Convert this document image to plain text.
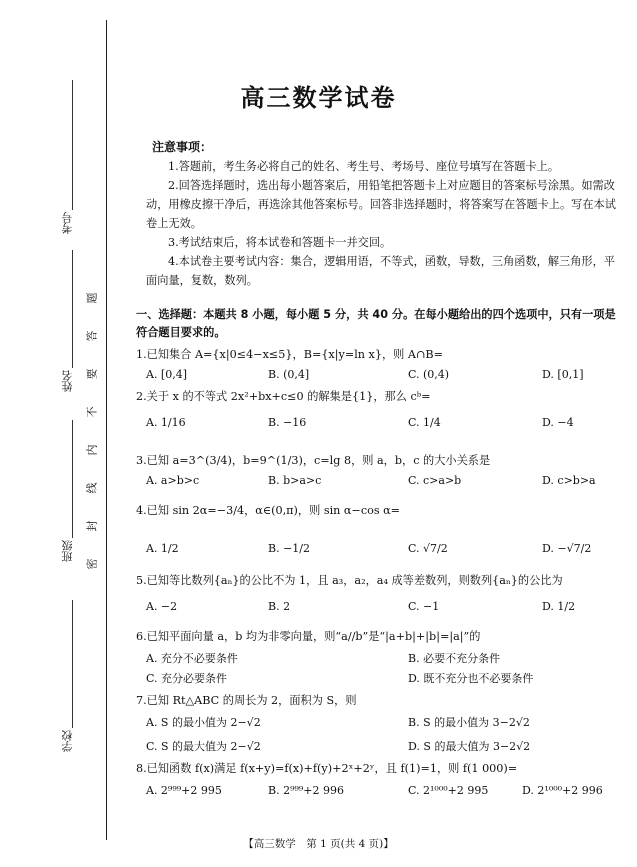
考号
姓名
班级
学校
题
答
要
不
内
线
封
密
高三数学试卷

注意事项：

1.答题前，考生务必将自己的姓名、考生号、考场号、座位号填写在答题卡上。

2.回答选择题时，选出每小题答案后，用铅笔把答题卡上对应题目的答案标号涂黑。如需改动，用橡皮擦干净后，再选涂其他答案标号。回答非选择题时，将答案写在答题卡上。写在本试卷上无效。

3.考试结束后，将本试卷和答题卡一并交回。

4.本试卷主要考试内容：集合，逻辑用语，不等式，函数，导数，三角函数，解三角形，平面向量，复数，数列。

一、选择题：本题共 8 小题，每小题 5 分，共 40 分。在每小题给出的四个选项中，只有一项是符合题目要求的。
1.已知集合 A={x|0≤4−x≤5}，B={x|y=ln x}，则 A∩B=
A. [0,4]	B. (0,4]	C. (0,4)	D. [0,1]
2.关于 x 的不等式 2x²+bx+c≤0 的解集是{1}，那么 cᵇ=
A. 1/16	B. −16	C. 1/4	D. −4
3.已知 a=3^(3/4)，b=9^(1/3)，c=lg 8，则 a，b，c 的大小关系是
A. a>b>c	B. b>a>c	C. c>a>b	D. c>b>a
4.已知 sin 2α=−3/4，α∈(0,π)，则 sin α−cos α=
A. 1/2	B. −1/2	C. √7/2	D. −√7/2
5.已知等比数列{aₙ}的公比不为 1，且 a₃，a₂，a₄ 成等差数列，则数列{aₙ}的公比为
A. −2	B. 2	C. −1	D. 1/2
6.已知平面向量 a，b 均为非零向量，则“a//b”是“|a+b|+|b|=|a|”的
A. 充分不必要条件	B. 必要不充分条件
C. 充分必要条件	D. 既不充分也不必要条件
7.已知 Rt△ABC 的周长为 2，面积为 S，则
A. S 的最小值为 2−√2	B. S 的最小值为 3−2√2
C. S 的最大值为 2−√2	D. S 的最大值为 3−2√2
8.已知函数 f(x)满足 f(x+y)=f(x)+f(y)+2ˣ+2ʸ，且 f(1)=1，则 f(1 000)=
A. 2⁹⁹⁹+2 995	B. 2⁹⁹⁹+2 996	C. 2¹⁰⁰⁰+2 995	D. 2¹⁰⁰⁰+2 996
【高三数学　第 1 页(共 4 页)】
